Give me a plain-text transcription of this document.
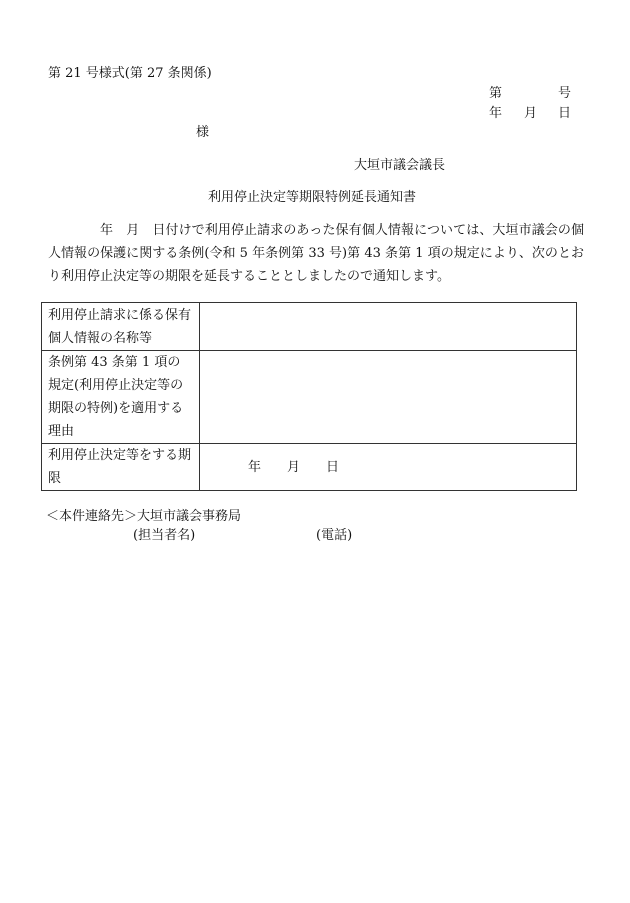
第 21 号様式(第 27 条関係)
第	号
年 月 日
様
大垣市議会議長
利用停止決定等期限特例延長通知書
年　月　日付けで利用停止請求のあった保有個人情報については、大垣市議会の個人情報の保護に関する条例(令和 5 年条例第 33 号)第 43 条第 1 項の規定により、次のとおり利用停止決定等の期限を延長することとしましたので通知します。
利用停止請求に係る保有個人情報の名称等	
条例第 43 条第 1 項の規定(利用停止決定等の期限の特例)を適用する理由	
利用停止決定等をする期限	年　　月　　日
＜本件連絡先＞大垣市議会事務局
(担当者名)	(電話)
